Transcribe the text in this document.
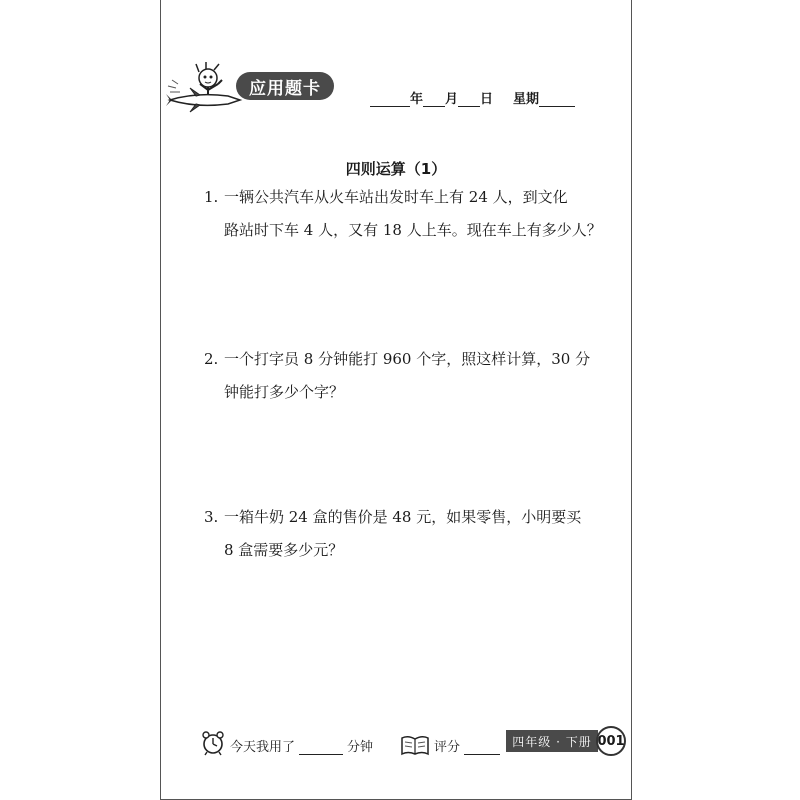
应用题卡
年 月 日 星期
四则运算（1）
1. 一辆公共汽车从火车站出发时车上有 24 人，到文化
路站时下车 4 人，又有 18 人上车。现在车上有多少人？
2. 一个打字员 8 分钟能打 960 个字，照这样计算，30 分
钟能打多少个字？
3. 一箱牛奶 24 盒的售价是 48 元，如果零售，小明要买
8 盒需要多少元？
今天我用了	分钟	评分	四年级 · 下册 001
